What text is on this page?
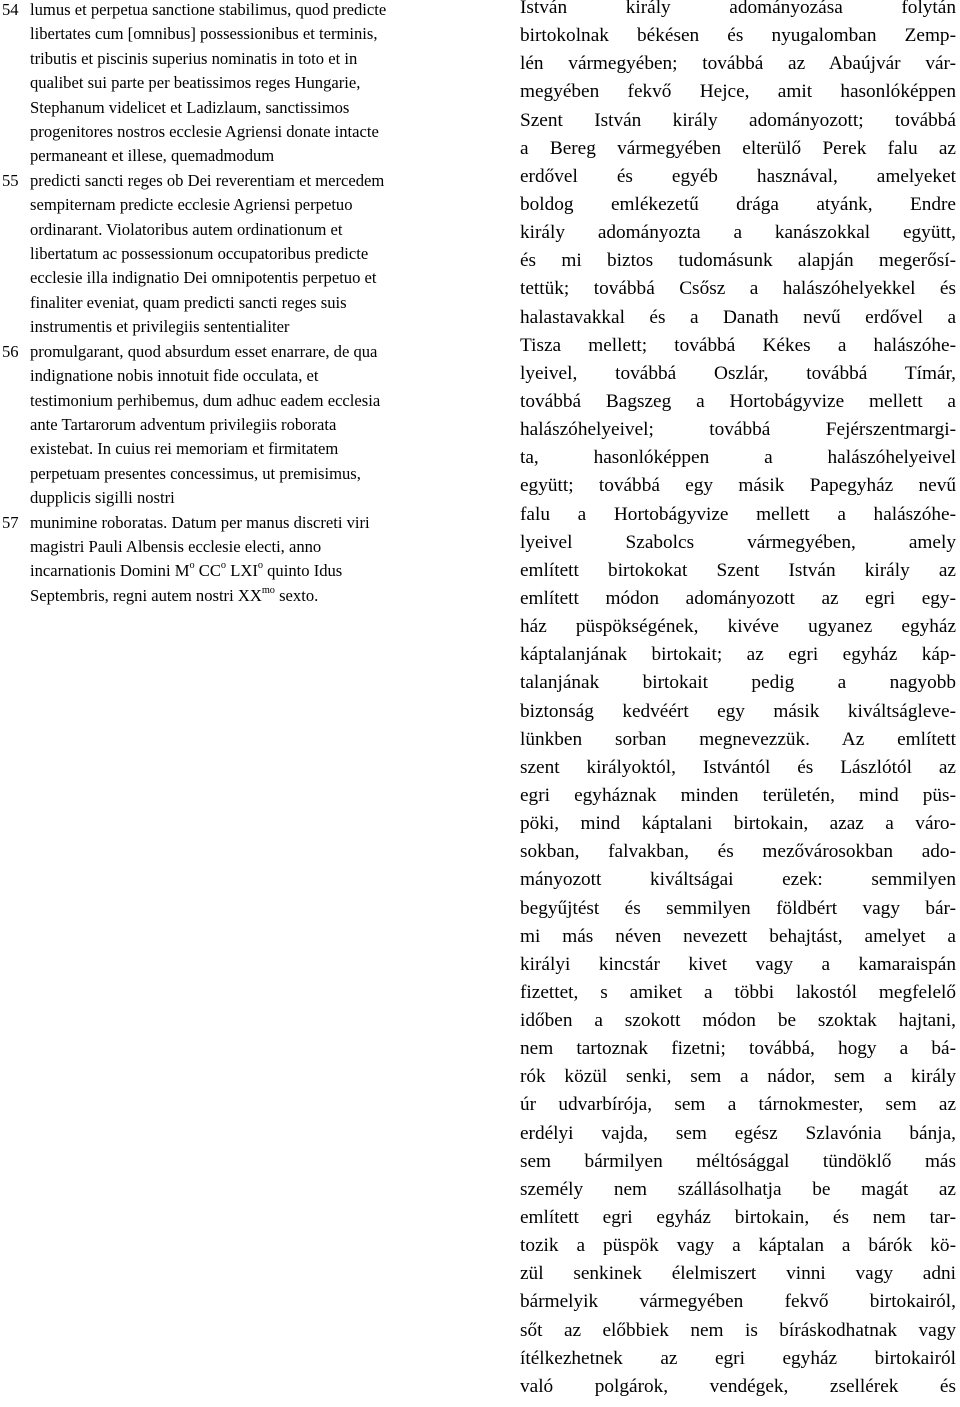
54 lumus et perpetua sanctione stabilimus, quod predicte
libertates cum [omnibus] possessionibus et terminis,
tributis et piscinis superius nominatis in toto et in
qualibet sui parte per beatissimos reges Hungarie,
Stephanum videlicet et Ladizlaum, sanctissimos
progenitores nostros ecclesie Agriensi donate intacte
permaneant et illese, quemadmodum
55 predicti sancti reges ob Dei reverentiam et mercedem
sempiternam predicte ecclesie Agriensi perpetuo
ordinarant. Violatoribus autem ordinationum et
libertatum ac possessionum occupatoribus predicte
ecclesie illa indignatio Dei omnipotentis perpetuo et
finaliter eveniat, quam predicti sancti reges suis
instrumentis et privilegiis sententialiter
56 promulgarant, quod absurdum esset enarrare, de qua
indignatione nobis innotuit fide occulata, et
testimonium perhibemus, dum adhuc eadem ecclesia
ante Tartarorum adventum privilegiis roborata
existebat. In cuius rei memoriam et firmitatem
perpetuam presentes concessimus, ut premisimus,
dupplicis sigilli nostri
57 munimine roboratas. Datum per manus discreti viri
magistri Pauli Albensis ecclesie electi, anno
incarnationis Domini $M^o$ $CC^o$ LXI$^o$ quinto Idus
Septembris, regni autem nostri $XX^{mo}$ sexto.
István király adományozása folytán
birtokolnak békésen és nyugalomban Zemp-
lén vármegyében; továbbá az Abaújvár vár-
megyében fekvő Hejce, amit hasonlóképpen
Szent István király adományozott; továbbá
a Bereg vármegyében elterülő Perek falu az
erdővel és egyéb hasznával, amelyeket
boldog emlékezetű drága atyánk, Endre
király adományozta a kanászokkal együtt,
és mi biztos tudomásunk alapján megerősí-
tettük; továbbá Csősz a halászóhelyekkel és
halastavakkal és a Danath nevű erdővel a
Tisza mellett; továbbá Kékes a halászóhe-
lyeivel, továbbá Oszlár, továbbá Tímár,
továbbá Bagszeg a Hortobágyvize mellett a
halászóhelyeivel; továbbá Fejérszentmargi-
ta, hasonlóképpen a halászóhelyeivel
együtt; továbbá egy másik Papegyház nevű
falu a Hortobágyvize mellett a halászóhe-
lyeivel Szabolcs vármegyében, amely
említett birtokokat Szent István király az
említett módon adományozott az egri egy-
ház püspökségének, kivéve ugyanez egyház
káptalanjának birtokait; az egri egyház káp-
talanjának birtokait pedig a nagyobb
biztonság kedvéért egy másik kiváltságleve-
lünkben sorban megnevezzük. Az említett
szent királyoktól, Istvántól és Lászlótól az
egri egyháznak minden területén, mind püs-
pöki, mind káptalani birtokain, azaz a váro-
sokban, falvakban, és mezővárosokban ado-
mányozott kiváltságai ezek: semmilyen
begyűjtést és semmilyen földbért vagy bár-
mi más néven nevezett behajtást, amelyet a
királyi kincstár kivet vagy a kamaraispán
fizettet, s amiket a többi lakostól megfelelő
időben a szokott módon be szoktak hajtani,
nem tartoznak fizetni; továbbá, hogy a bá-
rók közül senki, sem a nádor, sem a király
úr udvarbírója, sem a tárnokmester, sem az
erdélyi vajda, sem egész Szlavónia bánja,
sem bármilyen méltósággal tündöklő más
személy nem szállásolhatja be magát az
említett egri egyház birtokain, és nem tar-
tozik a püspök vagy a káptalan a bárók kö-
zül senkinek élelmiszert vinni vagy adni
bármelyik vármegyében fekvő birtokairól,
sőt az előbbiek nem is bíráskodhatnak vagy
ítélkezhetnek az egri egyház birtokairól
való polgárok, vendégek, zsellérek és
